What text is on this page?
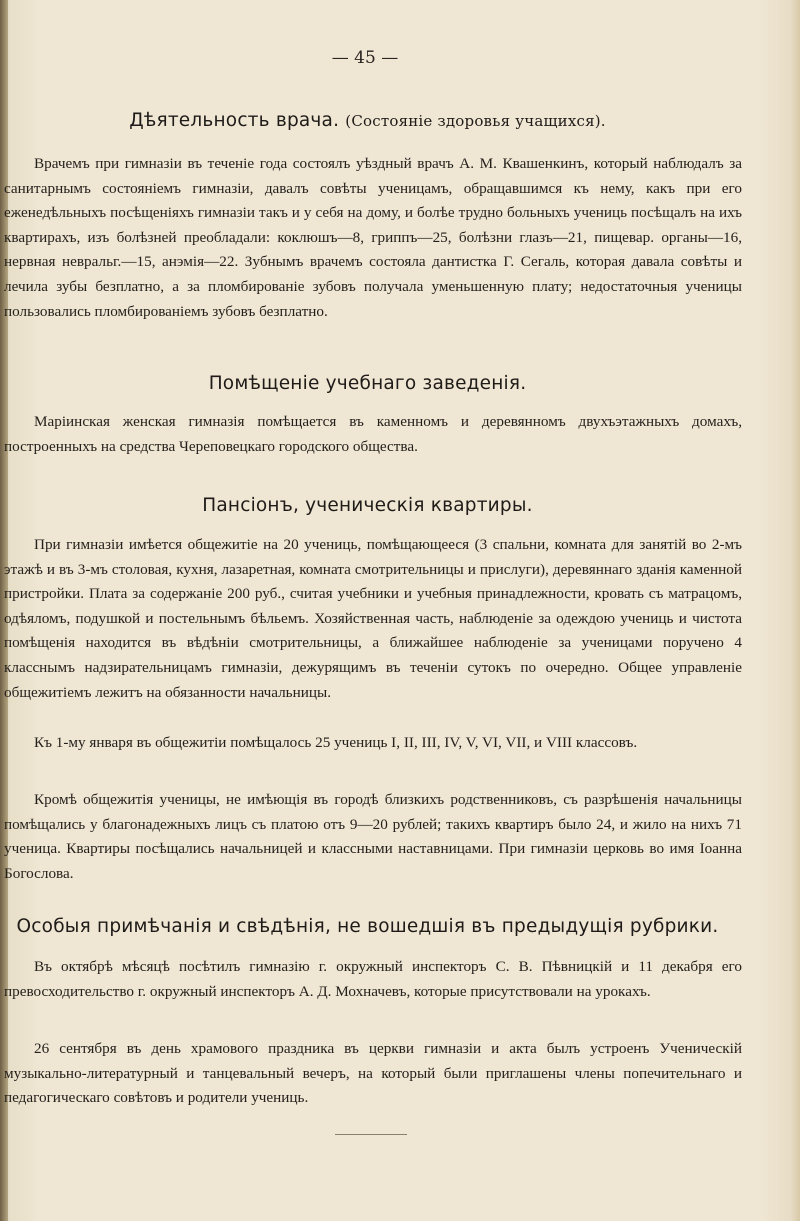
— 45 —
Дѣятельность врача. (Состояніе здоровья учащихся).

Врачемъ при гимназіи въ теченіе года состоялъ уѣздный врачъ А. М. Квашенкинъ, который наблюдалъ за санитарнымъ состояніемъ гимназіи, давалъ совѣты ученицамъ, обращавшимся къ нему, какъ при его еженедѣльныхъ посѣщеніяхъ гимназіи такъ и у себя на дому, и болѣе трудно больныхъ учениць посѣщалъ на ихъ квартирахъ, изъ болѣзней преобладали: коклюшъ—8, гриппъ—25, болѣзни глазъ—21, пищевар. органы—16, нервная невральг.—15, анэмія—22. Зубнымъ врачемъ состояла дантистка Г. Сегаль, которая давала совѣты и лечила зубы безплатно, а за пломбированіе зубовъ получала уменьшенную плату; недостаточныя ученицы пользовались пломбированіемъ зубовъ безплатно.

Помѣщеніе учебнаго заведенія.

Маріинская женская гимназія помѣщается въ каменномъ и деревянномъ двухъэтажныхъ домахъ, построенныхъ на средства Череповецкаго городского общества.

Пансіонъ, ученическія квартиры.

При гимназіи имѣется общежитіе на 20 учениць, помѣщающееся (3 спальни, комната для занятій во 2-мъ этажѣ и въ 3-мъ столовая, кухня, лазаретная, комната смотрительницы и прислуги), деревяннаго зданія каменной пристройки. Плата за содержаніе 200 руб., считая учебники и учебныя принадлежности, кровать съ матрацомъ, одѣяломъ, подушкой и постельнымъ бѣльемъ. Хозяйственная часть, наблюденіе за одеждою учениць и чистота помѣщенія находится въ вѣдѣніи смотрительницы, а ближайшее наблюденіе за ученицами поручено 4 класснымъ надзирательницамъ гимназіи, дежурящимъ въ теченіи сутокъ по очередно. Общее управленіе общежитіемъ лежитъ на обязанности начальницы.

Къ 1-му января въ общежитіи помѣщалось 25 учениць I, II, III, IV, V, VI, VII, и VIII классовъ.

Кромѣ общежитія ученицы, не имѣющія въ городѣ близкихъ родственниковъ, съ разрѣшенія начальницы помѣщались у благонадежныхъ лицъ съ платою отъ 9—20 рублей; такихъ квартиръ было 24, и жило на нихъ 71 ученица. Квартиры посѣщались начальницей и классными наставницами. При гимназіи церковь во имя Іоанна Богослова.

Особыя примѣчанія и свѣдѣнія, не вошедшія въ предыдущія рубрики.

Въ октябрѣ мѣсяцѣ посѣтилъ гимназію г. окружный инспекторъ С. В. Пѣвницкій и 11 декабря его превосходительство г. окружный инспекторъ А. Д. Мохначевъ, которые присутствовали на урокахъ.

26 сентября въ день храмового праздника въ церкви гимназіи и акта былъ устроенъ Ученическій музыкально-литературный и танцевальный вечеръ, на который были приглашены члены попечительнаго и педагогическаго совѣтовъ и родители учениць.
